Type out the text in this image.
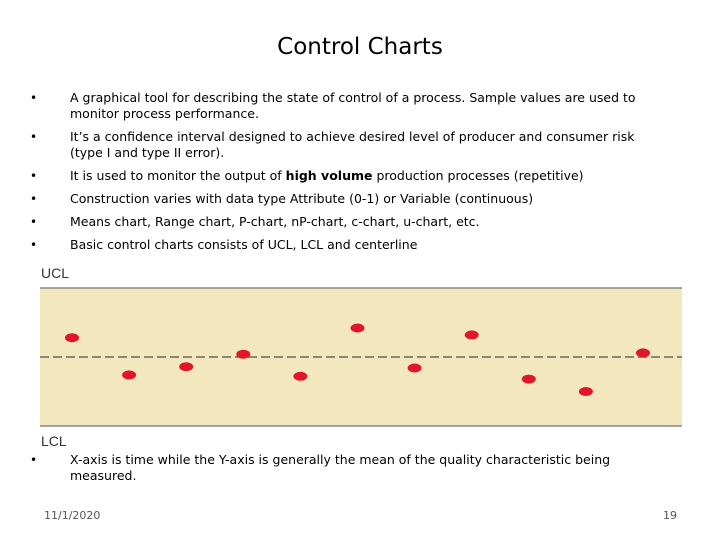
Control Charts
•	A graphical tool for describing the state of control of a process. Sample values are used to monitor process performance.
•	It’s a confidence interval designed to achieve desired level of producer and consumer risk (type I and type II error).
•	It is used to monitor the output of high volume production processes (repetitive)
•	Construction varies with data type Attribute (0-1) or Variable (continuous)
•	Means chart, Range chart, P-chart, nP-chart, c-chart, u-chart, etc.
•	Basic control charts consists of UCL, LCL and centerline
UCL
LCL
•	X-axis is time while the Y-axis is generally the mean of the quality characteristic being measured.
11/1/2020	19
